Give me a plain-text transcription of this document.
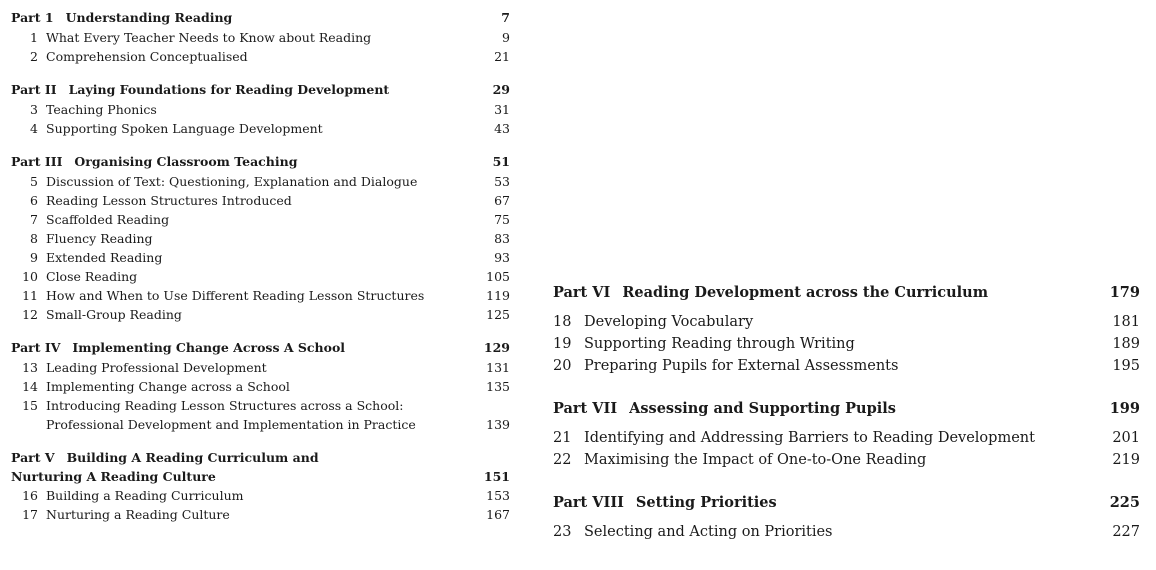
Part 1 Understanding Reading	7
1 What Every Teacher Needs to Know about Reading	9
2 Comprehension Conceptualised	21
Part II Laying Foundations for Reading Development	29
3 Teaching Phonics	31
4 Supporting Spoken Language Development	43
Part III Organising Classroom Teaching	51
5 Discussion of Text: Questioning, Explanation and Dialogue	53
6 Reading Lesson Structures Introduced	67
7 Scaffolded Reading	75
8 Fluency Reading	83
9 Extended Reading	93
10 Close Reading	105
11 How and When to Use Different Reading Lesson Structures	119
12 Small-Group Reading	125
Part IV Implementing Change Across A School	129
13 Leading Professional Development	131
14 Implementing Change across a School	135
15 Introducing Reading Lesson Structures across a School:
Professional Development and Implementation in Practice	139
Part V Building A Reading Curriculum and
Nurturing A Reading Culture	151
16 Building a Reading Curriculum	153
17 Nurturing a Reading Culture	167
Part VI Reading Development across the Curriculum	179
18 Developing Vocabulary	181
19 Supporting Reading through Writing	189
20 Preparing Pupils for External Assessments	195
Part VII Assessing and Supporting Pupils	199
21 Identifying and Addressing Barriers to Reading Development	201
22 Maximising the Impact of One-to-One Reading	219
Part VIII Setting Priorities	225
23 Selecting and Acting on Priorities	227
